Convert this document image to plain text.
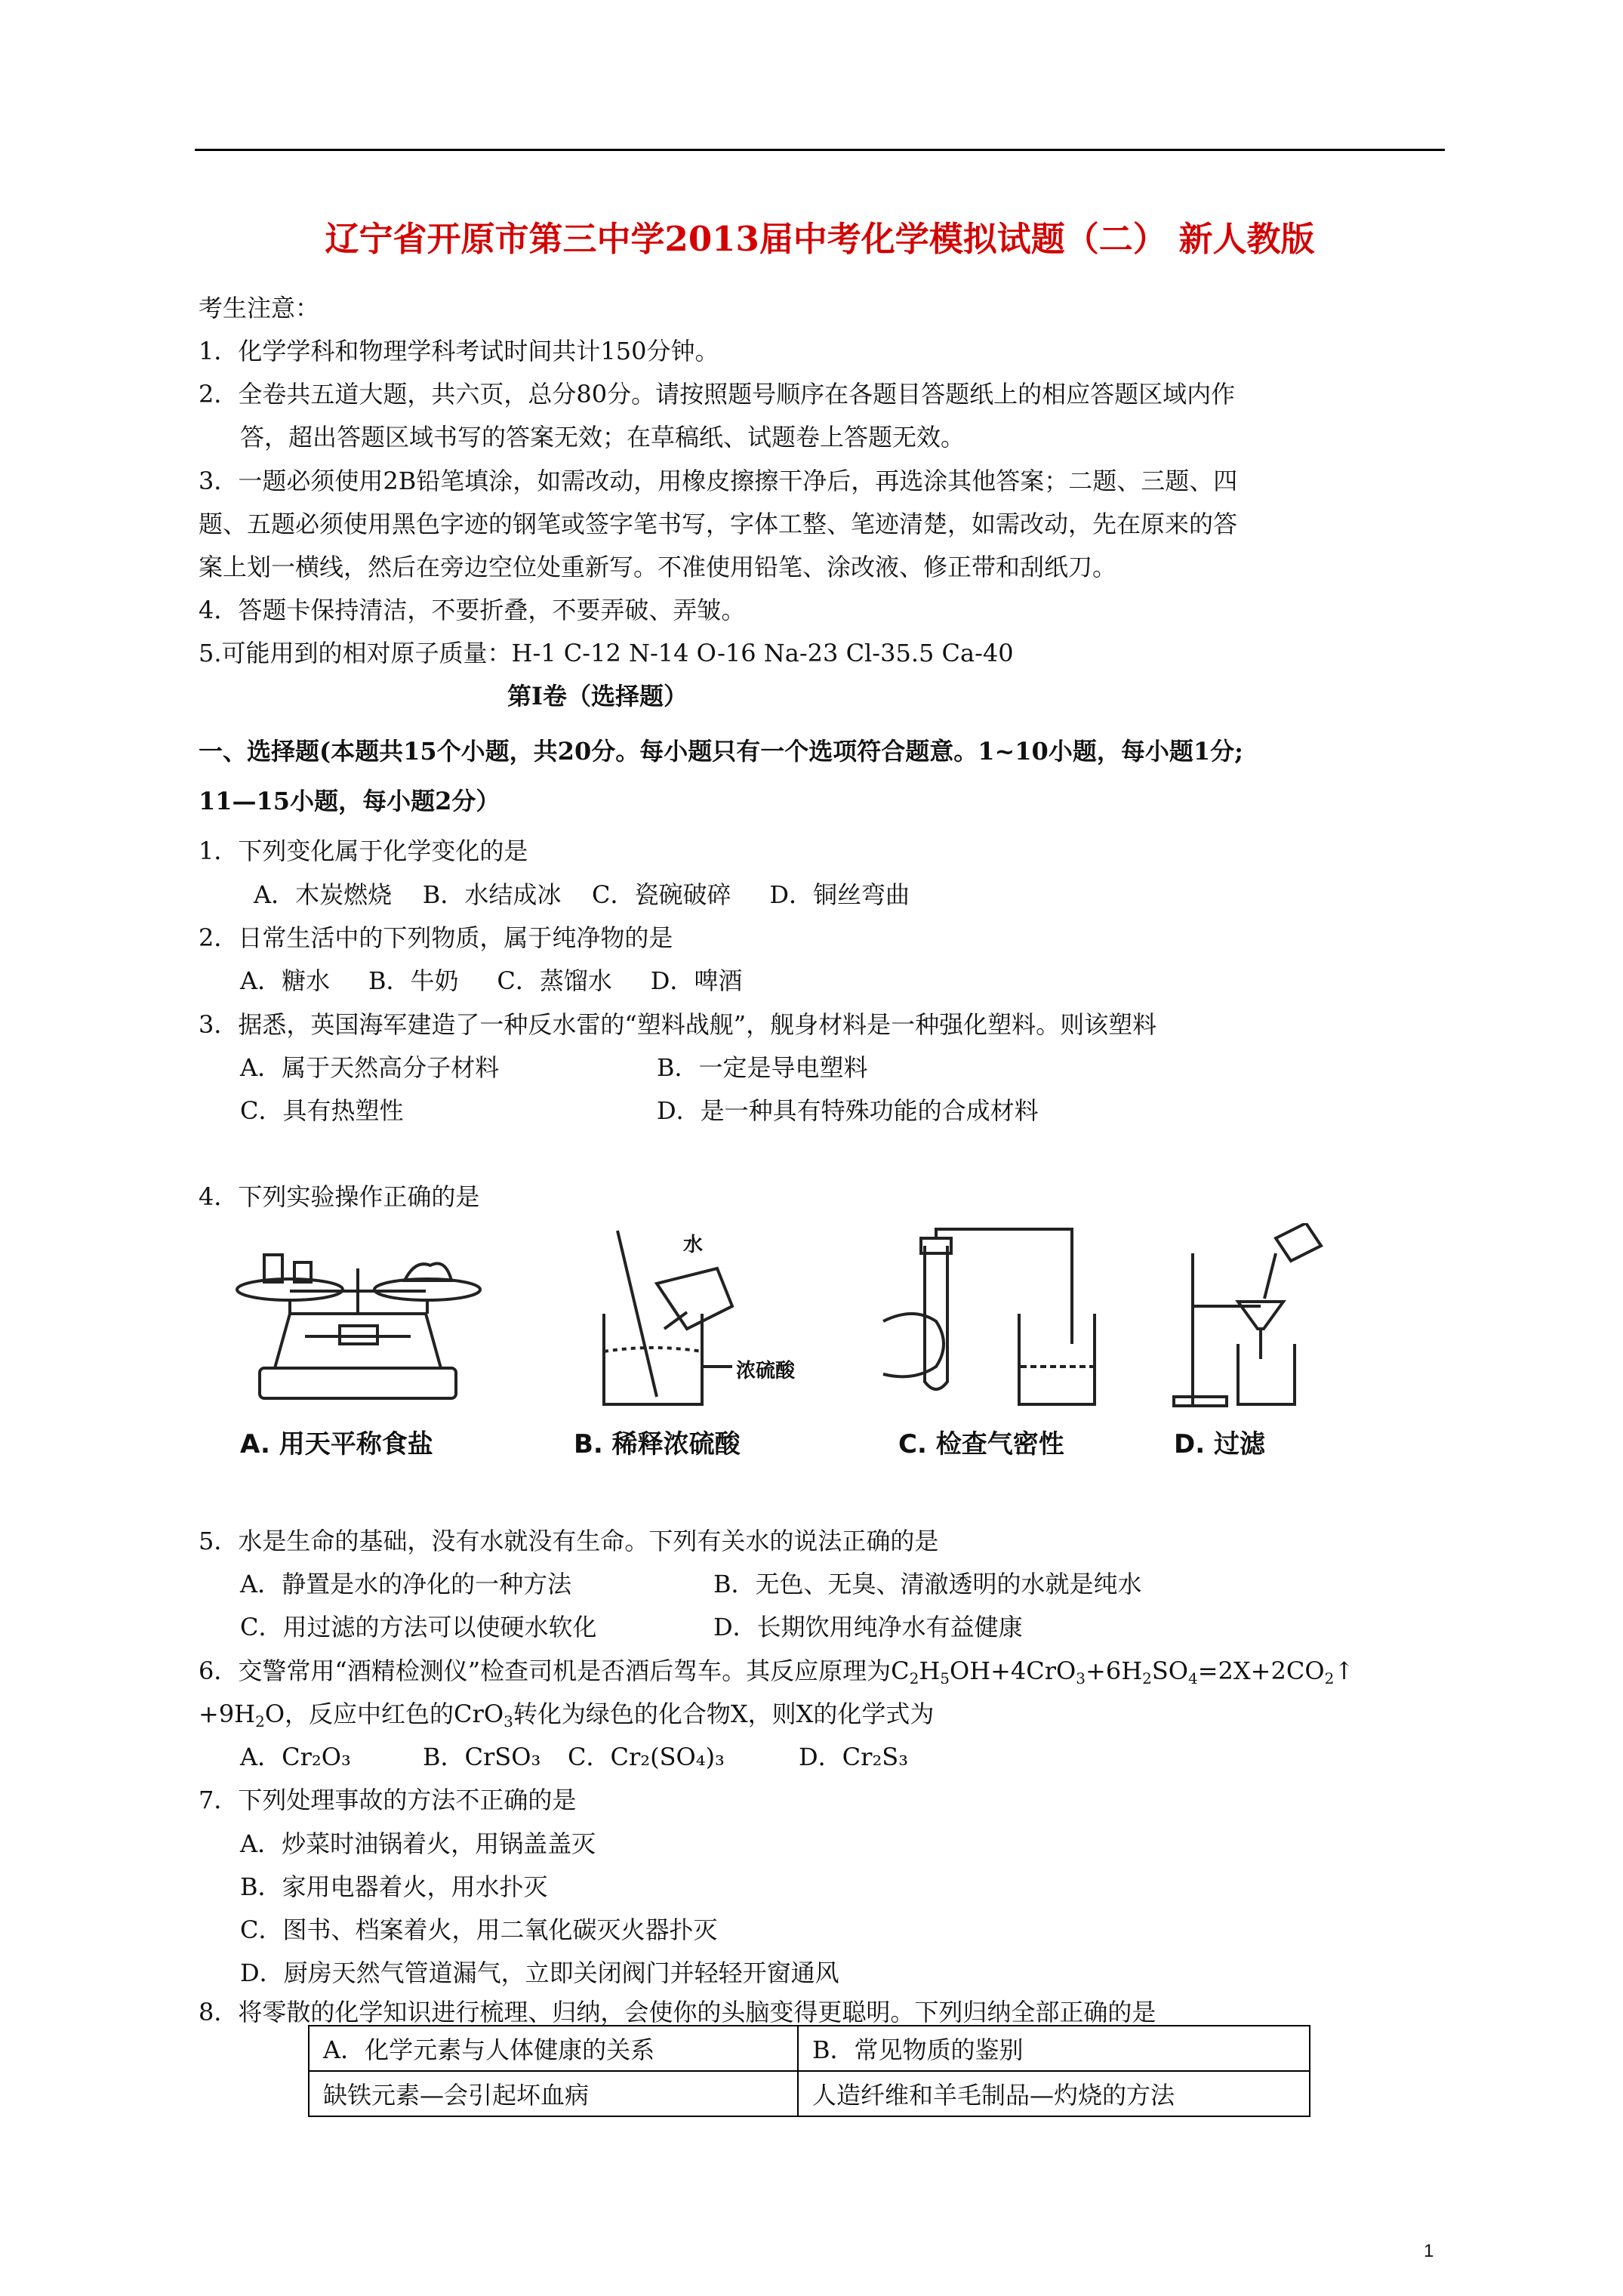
辽宁省开原市第三中学2013届中考化学模拟试题（二） 新人教版
考生注意：
1．化学学科和物理学科考试时间共计150分钟。
2．全卷共五道大题，共六页，总分80分。请按照题号顺序在各题目答题纸上的相应答题区域内作
答，超出答题区域书写的答案无效；在草稿纸、试题卷上答题无效。
3．一题必须使用2B铅笔填涂，如需改动，用橡皮擦擦干净后，再选涂其他答案；二题、三题、四
题、五题必须使用黑色字迹的钢笔或签字笔书写，字体工整、笔迹清楚，如需改动，先在原来的答
案上划一横线，然后在旁边空位处重新写。不准使用铅笔、涂改液、修正带和刮纸刀。
4．答题卡保持清洁，不要折叠，不要弄破、弄皱。
5.可能用到的相对原子质量：H-1 C-12 N-14 O-16 Na-23 Cl-35.5 Ca-40
第Ⅰ卷（选择题）
一、选择题(本题共15个小题，共20分。每小题只有一个选项符合题意。1~10小题，每小题1分;
11—15小题，每小题2分）
1．下列变化属于化学变化的是
A．木炭燃烧    B．水结成冰    C．瓷碗破碎     D．铜丝弯曲
2．日常生活中的下列物质，属于纯净物的是
A．糖水     B．牛奶     C．蒸馏水     D．啤酒
3．据悉，英国海军建造了一种反水雷的“塑料战舰”，舰身材料是一种强化塑料。则该塑料
A．属于天然高分子材料	B．一定是导电塑料
C．具有热塑性	D．是一种具有特殊功能的合成材料
4．下列实验操作正确的是
A. 用天平称食盐
水
浓硫酸
B. 稀释浓硫酸	C. 检查气密性	D. 过滤
5．水是生命的基础，没有水就没有生命。下列有关水的说法正确的是
A．静置是水的净化的一种方法	B．无色、无臭、清澈透明的水就是纯水
C．用过滤的方法可以使硬水软化	D．长期饮用纯净水有益健康
6．交警常用“酒精检测仪”检查司机是否酒后驾车。其反应原理为$C_2H_5OH+4CrO_3+6H_2SO_4=2X+2CO_2↑$
$+9H_2O$，反应中红色的CrO$_3$转化为绿色的化合物X，则X的化学式为
A．Cr₂O₃	B．CrSO₃ C．Cr₂(SO₄)₃	D．Cr₂S₃
7．下列处理事故的方法不正确的是
A．炒菜时油锅着火，用锅盖盖灭
B．家用电器着火，用水扑灭
C．图书、档案着火，用二氧化碳灭火器扑灭
D．厨房天然气管道漏气，立即关闭阀门并轻轻开窗通风
8．将零散的化学知识进行梳理、归纳，会使你的头脑变得更聪明。下列归纳全部正确的是
A．化学元素与人体健康的关系	B．常见物质的鉴别
缺铁元素—会引起坏血病	人造纤维和羊毛制品—灼烧的方法
1
